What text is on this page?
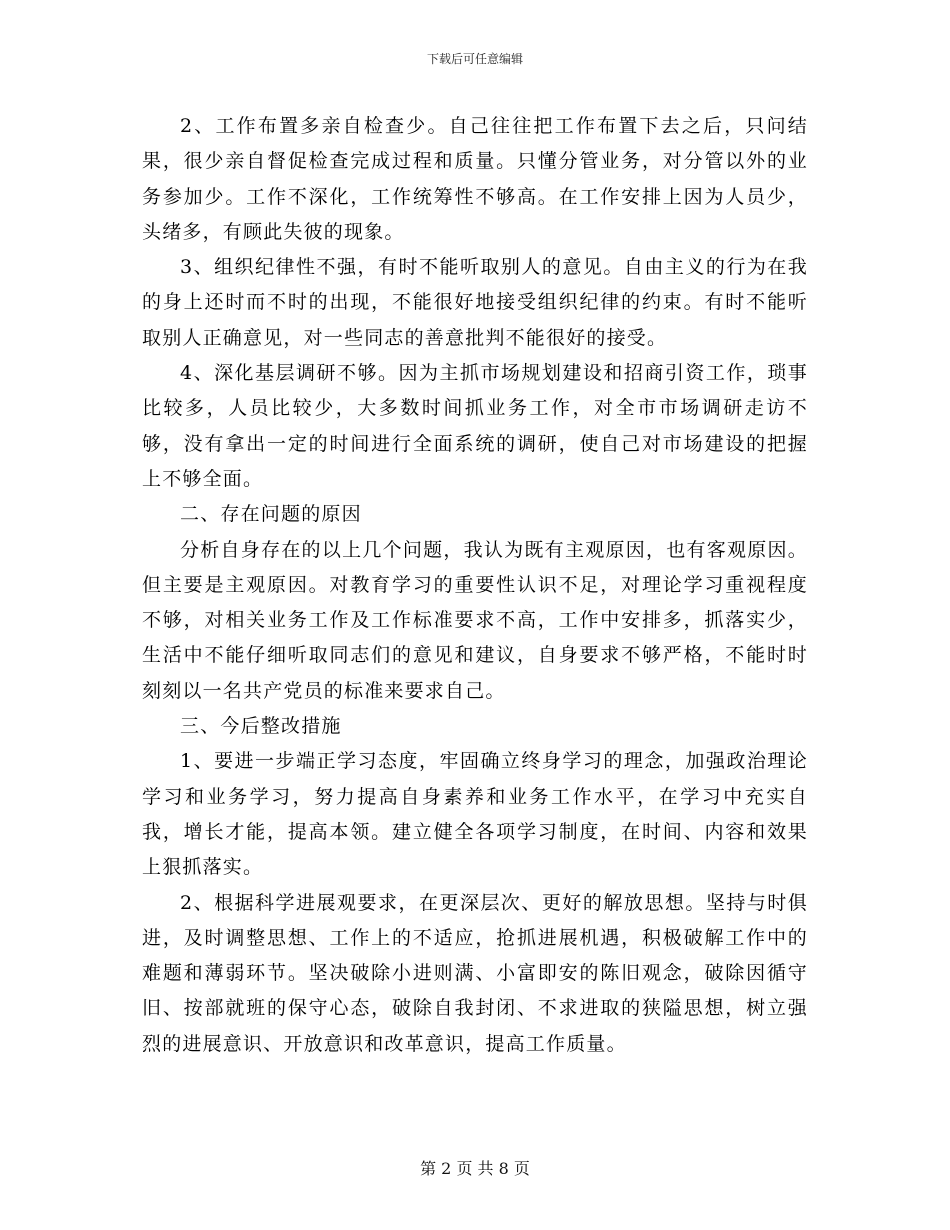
下载后可任意编辑

2、工作布置多亲自检查少。自己往往把工作布置下去之后，只问结果，很少亲自督促检查完成过程和质量。只懂分管业务，对分管以外的业务参加少。工作不深化，工作统筹性不够高。在工作安排上因为人员少，头绪多，有顾此失彼的现象。

3、组织纪律性不强，有时不能听取别人的意见。自由主义的行为在我的身上还时而不时的出现，不能很好地接受组织纪律的约束。有时不能听取别人正确意见，对一些同志的善意批判不能很好的接受。

4、深化基层调研不够。因为主抓市场规划建设和招商引资工作，琐事比较多，人员比较少，大多数时间抓业务工作，对全市市场调研走访不够，没有拿出一定的时间进行全面系统的调研，使自己对市场建设的把握上不够全面。

二、存在问题的原因

分析自身存在的以上几个问题，我认为既有主观原因，也有客观原因。但主要是主观原因。对教育学习的重要性认识不足，对理论学习重视程度不够，对相关业务工作及工作标准要求不高，工作中安排多，抓落实少，生活中不能仔细听取同志们的意见和建议，自身要求不够严格，不能时时刻刻以一名共产党员的标准来要求自己。

三、今后整改措施

1、要进一步端正学习态度，牢固确立终身学习的理念，加强政治理论学习和业务学习，努力提高自身素养和业务工作水平，在学习中充实自我，增长才能，提高本领。建立健全各项学习制度，在时间、内容和效果上狠抓落实。

2、根据科学进展观要求，在更深层次、更好的解放思想。坚持与时俱进，及时调整思想、工作上的不适应，抢抓进展机遇，积极破解工作中的难题和薄弱环节。坚决破除小进则满、小富即安的陈旧观念，破除因循守旧、按部就班的保守心态，破除自我封闭、不求进取的狭隘思想，树立强烈的进展意识、开放意识和改革意识，提高工作质量。

第 2 页 共 8 页
